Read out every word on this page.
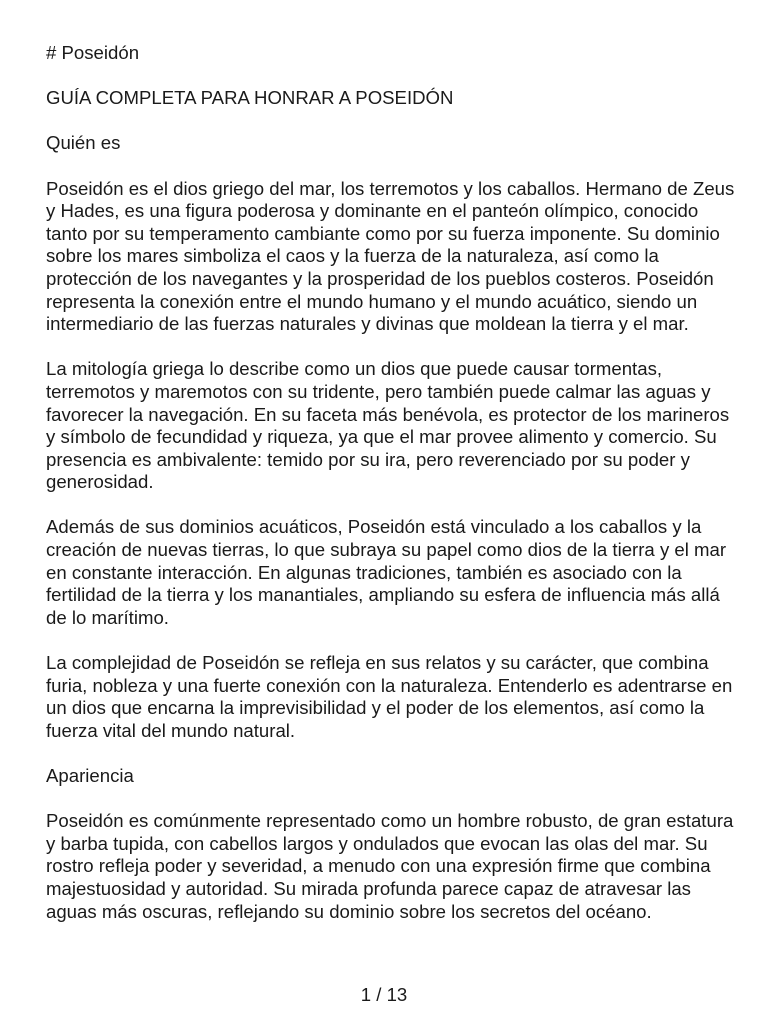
# Poseidón

GUÍA COMPLETA PARA HONRAR A POSEIDÓN

Quién es

Poseidón es el dios griego del mar, los terremotos y los caballos. Hermano de Zeus y Hades, es una figura poderosa y dominante en el panteón olímpico, conocido tanto por su temperamento cambiante como por su fuerza imponente. Su dominio sobre los mares simboliza el caos y la fuerza de la naturaleza, así como la protección de los navegantes y la prosperidad de los pueblos costeros. Poseidón representa la conexión entre el mundo humano y el mundo acuático, siendo un intermediario de las fuerzas naturales y divinas que moldean la tierra y el mar.

La mitología griega lo describe como un dios que puede causar tormentas, terremotos y maremotos con su tridente, pero también puede calmar las aguas y favorecer la navegación. En su faceta más benévola, es protector de los marineros y símbolo de fecundidad y riqueza, ya que el mar provee alimento y comercio. Su presencia es ambivalente: temido por su ira, pero reverenciado por su poder y generosidad.

Además de sus dominios acuáticos, Poseidón está vinculado a los caballos y la creación de nuevas tierras, lo que subraya su papel como dios de la tierra y el mar en constante interacción. En algunas tradiciones, también es asociado con la fertilidad de la tierra y los manantiales, ampliando su esfera de influencia más allá de lo marítimo.

La complejidad de Poseidón se refleja en sus relatos y su carácter, que combina furia, nobleza y una fuerte conexión con la naturaleza. Entenderlo es adentrarse en un dios que encarna la imprevisibilidad y el poder de los elementos, así como la fuerza vital del mundo natural.

Apariencia

Poseidón es comúnmente representado como un hombre robusto, de gran estatura y barba tupida, con cabellos largos y ondulados que evocan las olas del mar. Su rostro refleja poder y severidad, a menudo con una expresión firme que combina majestuosidad y autoridad. Su mirada profunda parece capaz de atravesar las aguas más oscuras, reflejando su dominio sobre los secretos del océano.

1 / 13
